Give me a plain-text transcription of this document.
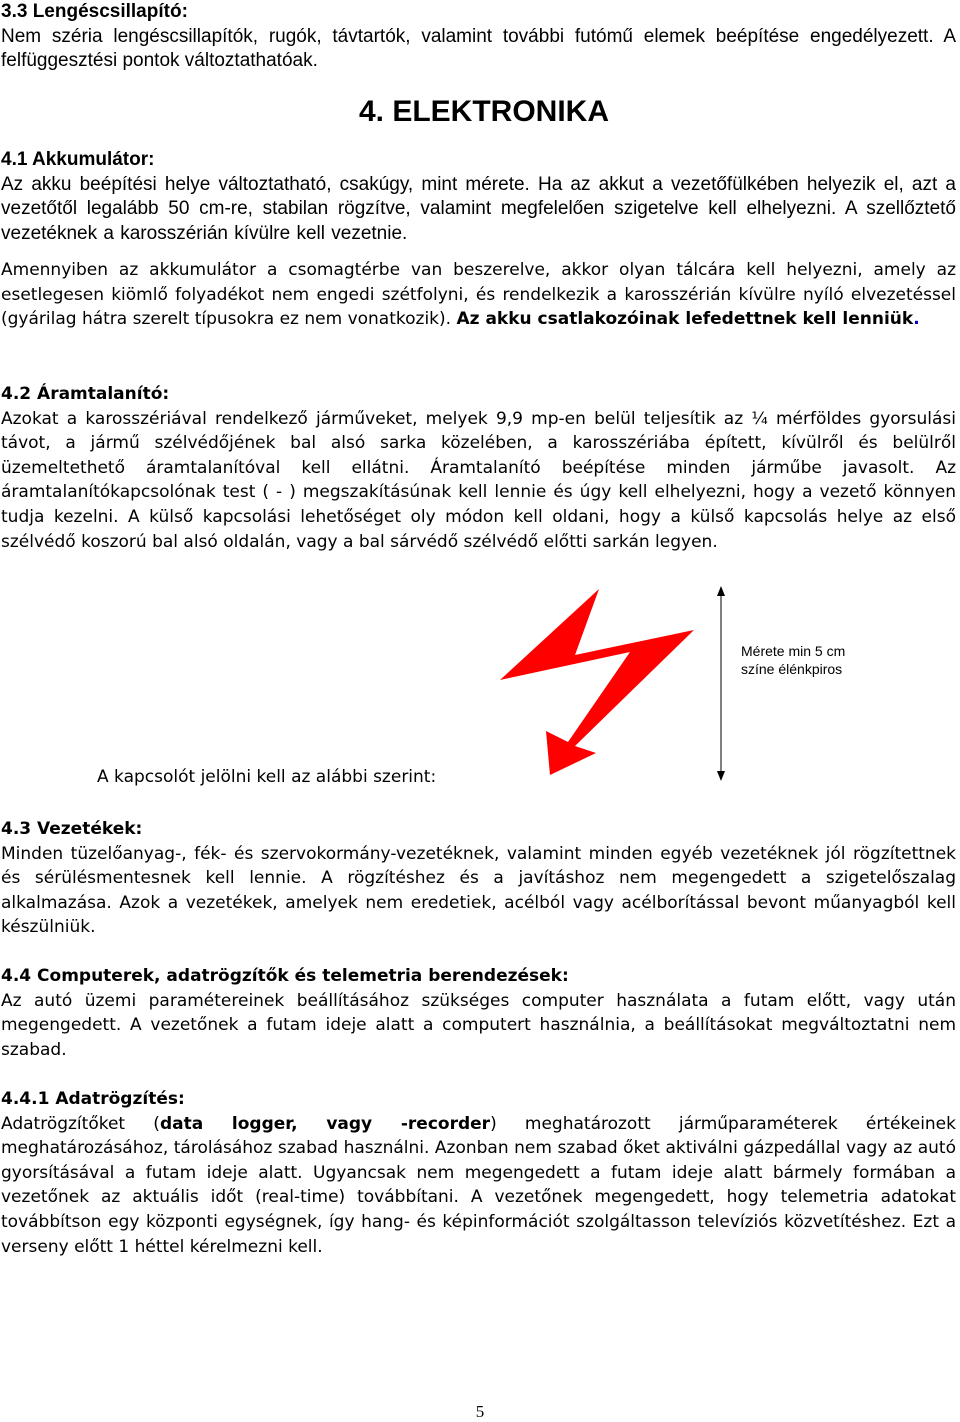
3.3 Lengéscsillapító:
Nem széria lengéscsillapítók, rugók, távtartók, valamint további futómű elemek beépítése engedélyezett. A felfüggesztési pontok változtathatóak.
4. ELEKTRONIKA
4.1 Akkumulátor:
Az akku beépítési helye változtatható, csakúgy, mint mérete. Ha az akkut a vezetőfülkében helyezik el, azt a vezetőtől legalább 50 cm-re, stabilan rögzítve, valamint megfelelően szigetelve kell elhelyezni. A szellőztető vezetéknek a karosszérián kívülre kell vezetnie.
Amennyiben az akkumulátor a csomagtérbe van beszerelve, akkor olyan tálcára kell helyezni, amely az esetlegesen kiömlő folyadékot nem engedi szétfolyni, és rendelkezik a karosszérián kívülre nyíló elvezetéssel (gyárilag hátra szerelt típusokra ez nem vonatkozik). Az akku csatlakozóinak lefedettnek kell lenniük.
4.2 Áramtalanító:
Azokat a karosszériával rendelkező járműveket, melyek 9,9 mp-en belül teljesítik az ¼ mérföldes gyorsulási távot, a jármű szélvédőjének bal alsó sarka közelében, a karosszériába épített, kívülről és belülről üzemeltethető áramtalanítóval kell ellátni. Áramtalanító beépítése minden járműbe javasolt. Az áramtalanítókapcsolónak test ( - ) megszakításúnak kell lennie és úgy kell elhelyezni, hogy a vezető könnyen tudja kezelni. A külső kapcsolási lehetőséget oly módon kell oldani, hogy a külső kapcsolás helye az első szélvédő koszorú bal alsó oldalán, vagy a bal sárvédő szélvédő előtti sarkán legyen.
Mérete min 5 cm
színe élénkpiros
A kapcsolót jelölni kell az alábbi szerint:
4.3 Vezetékek:
Minden tüzelőanyag-, fék- és szervokormány-vezetéknek, valamint minden egyéb vezetéknek jól rögzítettnek és sérülésmentesnek kell lennie. A rögzítéshez és a javításhoz nem megengedett a szigetelőszalag alkalmazása. Azok a vezetékek, amelyek nem eredetiek, acélból vagy acélborítással bevont műanyagból kell készülniük.
4.4 Computerek, adatrögzítők és telemetria berendezések:
Az autó üzemi paramétereinek beállításához szükséges computer használata a futam előtt, vagy után megengedett. A vezetőnek a futam ideje alatt a computert használnia, a beállításokat megváltoztatni nem szabad.
4.4.1 Adatrögzítés:
Adatrögzítőket (data logger, vagy -recorder) meghatározott járműparaméterek értékeinek meghatározásához, tárolásához szabad használni. Azonban nem szabad őket aktiválni gázpedállal vagy az autó gyorsításával a futam ideje alatt. Ugyancsak nem megengedett a futam ideje alatt bármely formában a vezetőnek az aktuális időt (real-time) továbbítani. A vezetőnek megengedett, hogy telemetria adatokat továbbítson egy központi egységnek, így hang- és képinformációt szolgáltasson televíziós közvetítéshez. Ezt a verseny előtt 1 héttel kérelmezni kell.
5
